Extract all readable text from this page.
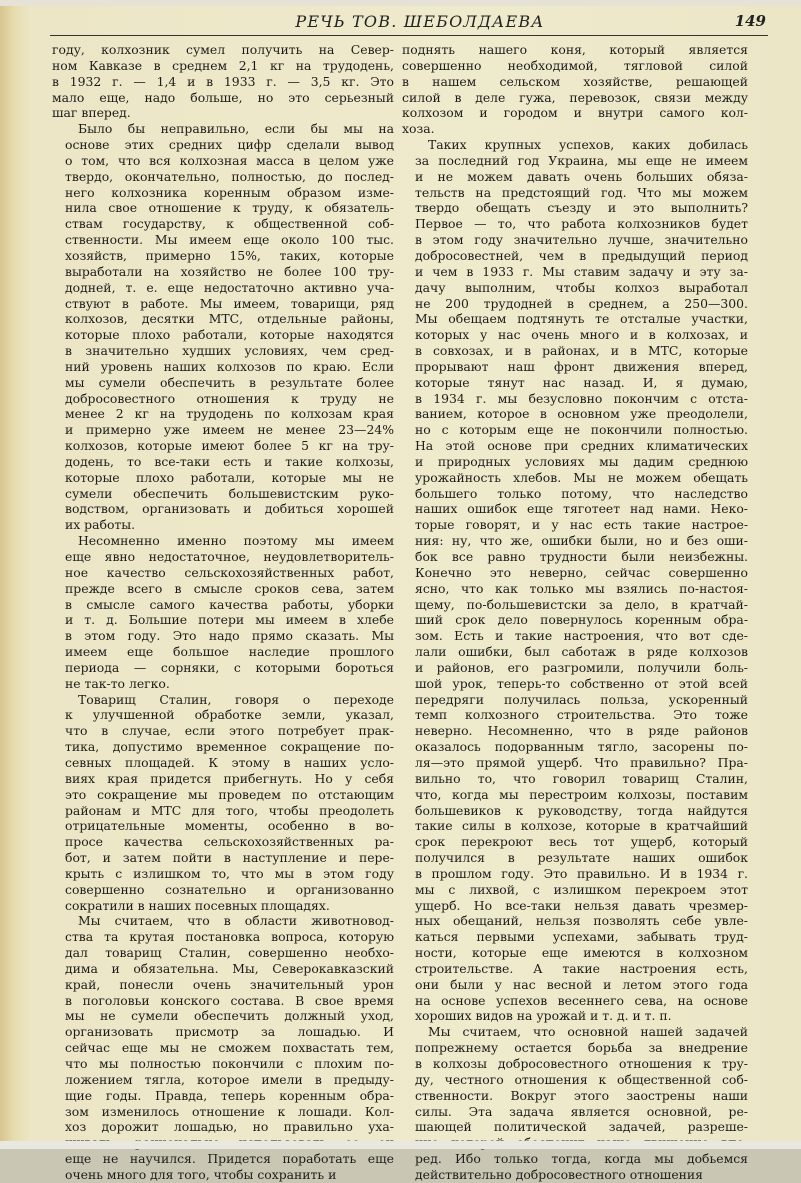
РЕЧЬ ТОВ. ШЕБОЛДАЕВА	149
году, колхозник сумел получить на Север-
ном Кавказе в среднем 2,1 кг на трудодень,
в 1932 г. — 1,4 и в 1933 г. — 3,5 кг. Это
мало еще, надо больше, но это серьезный
шаг вперед.
Было бы неправильно, если бы мы на
основе этих средних цифр сделали вывод
о том, что вся колхозная масса в целом уже
твердо, окончательно, полностью, до послед-
него колхозника коренным образом изме-
нила свое отношение к труду, к обязатель-
ствам государству, к общественной соб-
ственности. Мы имеем еще около 100 тыс.
хозяйств, примерно 15%, таких, которые
выработали на хозяйство не более 100 тру-
додней, т. е. еще недостаточно активно уча-
ствуют в работе. Мы имеем, товарищи, ряд
колхозов, десятки МТС, отдельные районы,
которые плохо работали, которые находятся
в значительно худших условиях, чем сред-
ний уровень наших колхозов по краю. Если
мы сумели обеспечить в результате более
добросовестного отношения к труду не
менее 2 кг на трудодень по колхозам края
и примерно уже имеем не менее 23—24%
колхозов, которые имеют более 5 кг на тру-
додень, то все-таки есть и такие колхозы,
которые плохо работали, которые мы не
сумели обеспечить большевистским руко-
водством, организовать и добиться хорошей
их работы.
Несомненно именно поэтому мы имеем
еще явно недостаточное, неудовлетворитель-
ное качество сельскохозяйственных работ,
прежде всего в смысле сроков сева, затем
в смысле самого качества работы, уборки
и т. д. Большие потери мы имеем в хлебе
в этом году. Это надо прямо сказать. Мы
имеем еще большое наследие прошлого
периода — сорняки, с которыми бороться
не так-то легко.
Товарищ Сталин, говоря о переходе
к улучшенной обработке земли, указал,
что в случае, если этого потребует прак-
тика, допустимо временное сокращение по-
севных площадей. К этому в наших усло-
виях края придется прибегнуть. Но у себя
это сокращение мы проведем по отстающим
районам и МТС для того, чтобы преодолеть
отрицательные моменты, особенно в во-
просе качества сельскохозяйственных ра-
бот, и затем пойти в наступление и пере-
крыть с излишком то, что мы в этом году
совершенно сознательно и организованно
сократили в наших посевных площадях.
Мы считаем, что в области животновод-
ства та крутая постановка вопроса, которую
дал товарищ Сталин, совершенно необхо-
дима и обязательна. Мы, Северокавказский
край, понесли очень значительный урон
в поголовьи конского состава. В свое время
мы не сумели обеспечить должный уход,
организовать присмотр за лошадью. И
сейчас еще мы не сможем похвастать тем,
что мы полностью покончили с плохим по-
ложением тягла, которое имели в предыду-
щие годы. Правда, теперь коренным обра-
зом изменилось отношение к лошади. Кол-
хоз дорожит лошадью, но правильно уха-
еще не научился. Придется поработать еще
очень много для того, чтобы сохранить и
поднять нашего коня, который является
совершенно необходимой, тягловой силой
в нашем сельском хозяйстве, решающей
силой в деле гужа, перевозок, связи между
колхозом и городом и внутри самого кол-
хоза.
Таких крупных успехов, каких добилась
за последний год Украина, мы еще не имеем
и не можем давать очень больших обяза-
тельств на предстоящий год. Что мы можем
твердо обещать съезду и это выполнить?
Первое — то, что работа колхозников будет
в этом году значительно лучше, значительно
добросовестней, чем в предыдущий период
и чем в 1933 г. Мы ставим задачу и эту за-
дачу выполним, чтобы колхоз выработал
не 200 трудодней в среднем, а 250—300.
Мы обещаем подтянуть те отсталые участки,
которых у нас очень много и в колхозах, и
в совхозах, и в районах, и в МТС, которые
прорывают наш фронт движения вперед,
которые тянут нас назад. И, я думаю,
в 1934 г. мы безусловно покончим с отста-
ванием, которое в основном уже преодолели,
но с которым еще не покончили полностью.
На этой основе при средних климатических
и природных условиях мы дадим среднюю
урожайность хлебов. Мы не можем обещать
большего только потому, что наследство
наших ошибок еще тяготеет над нами. Неко-
торые говорят, и у нас есть такие настрое-
ния: ну, что же, ошибки были, но и без оши-
бок все равно трудности были неизбежны.
Конечно это неверно, сейчас совершенно
ясно, что как только мы взялись по-настоя-
щему, по-большевистски за дело, в кратчай-
ший срок дело повернулось коренным обра-
зом. Есть и такие настроения, что вот сде-
лали ошибки, был саботаж в ряде колхозов
и районов, его разгромили, получили боль-
шой урок, теперь-то собственно от этой всей
передряги получилась польза, ускоренный
темп колхозного строительства. Это тоже
неверно. Несомненно, что в ряде районов
оказалось подорванным тягло, засорены по-
ля—это прямой ущерб. Что правильно? Пра-
вильно то, что говорил товарищ Сталин,
что, когда мы перестроим колхозы, поставим
большевиков к руководству, тогда найдутся
такие силы в колхозе, которые в кратчайший
срок перекроют весь тот ущерб, который
получился в результате наших ошибок
в прошлом году. Это правильно. И в 1934 г.
мы с лихвой, с излишком перекроем этот
ущерб. Но все-таки нельзя давать чрезмер-
ных обещаний, нельзя позволять себе увле-
каться первыми успехами, забывать труд-
ности, которые еще имеются в колхозном
строительстве. А такие настроения есть,
они были у нас весной и летом этого года
на основе успехов весеннего сева, на основе
хороших видов на урожай и т. д. и т. п.
Мы считаем, что основной нашей задачей
попрежнему остается борьба за внедрение
в колхозы добросовестного отношения к тру-
ду, честного отношения к общественной соб-
ственности. Вокруг этого заострены наши
силы. Эта задача является основной, ре-
шающей политической задачей, разреше-
ред. Ибо только тогда, когда мы добьемся
действительно добросовестного отношения
